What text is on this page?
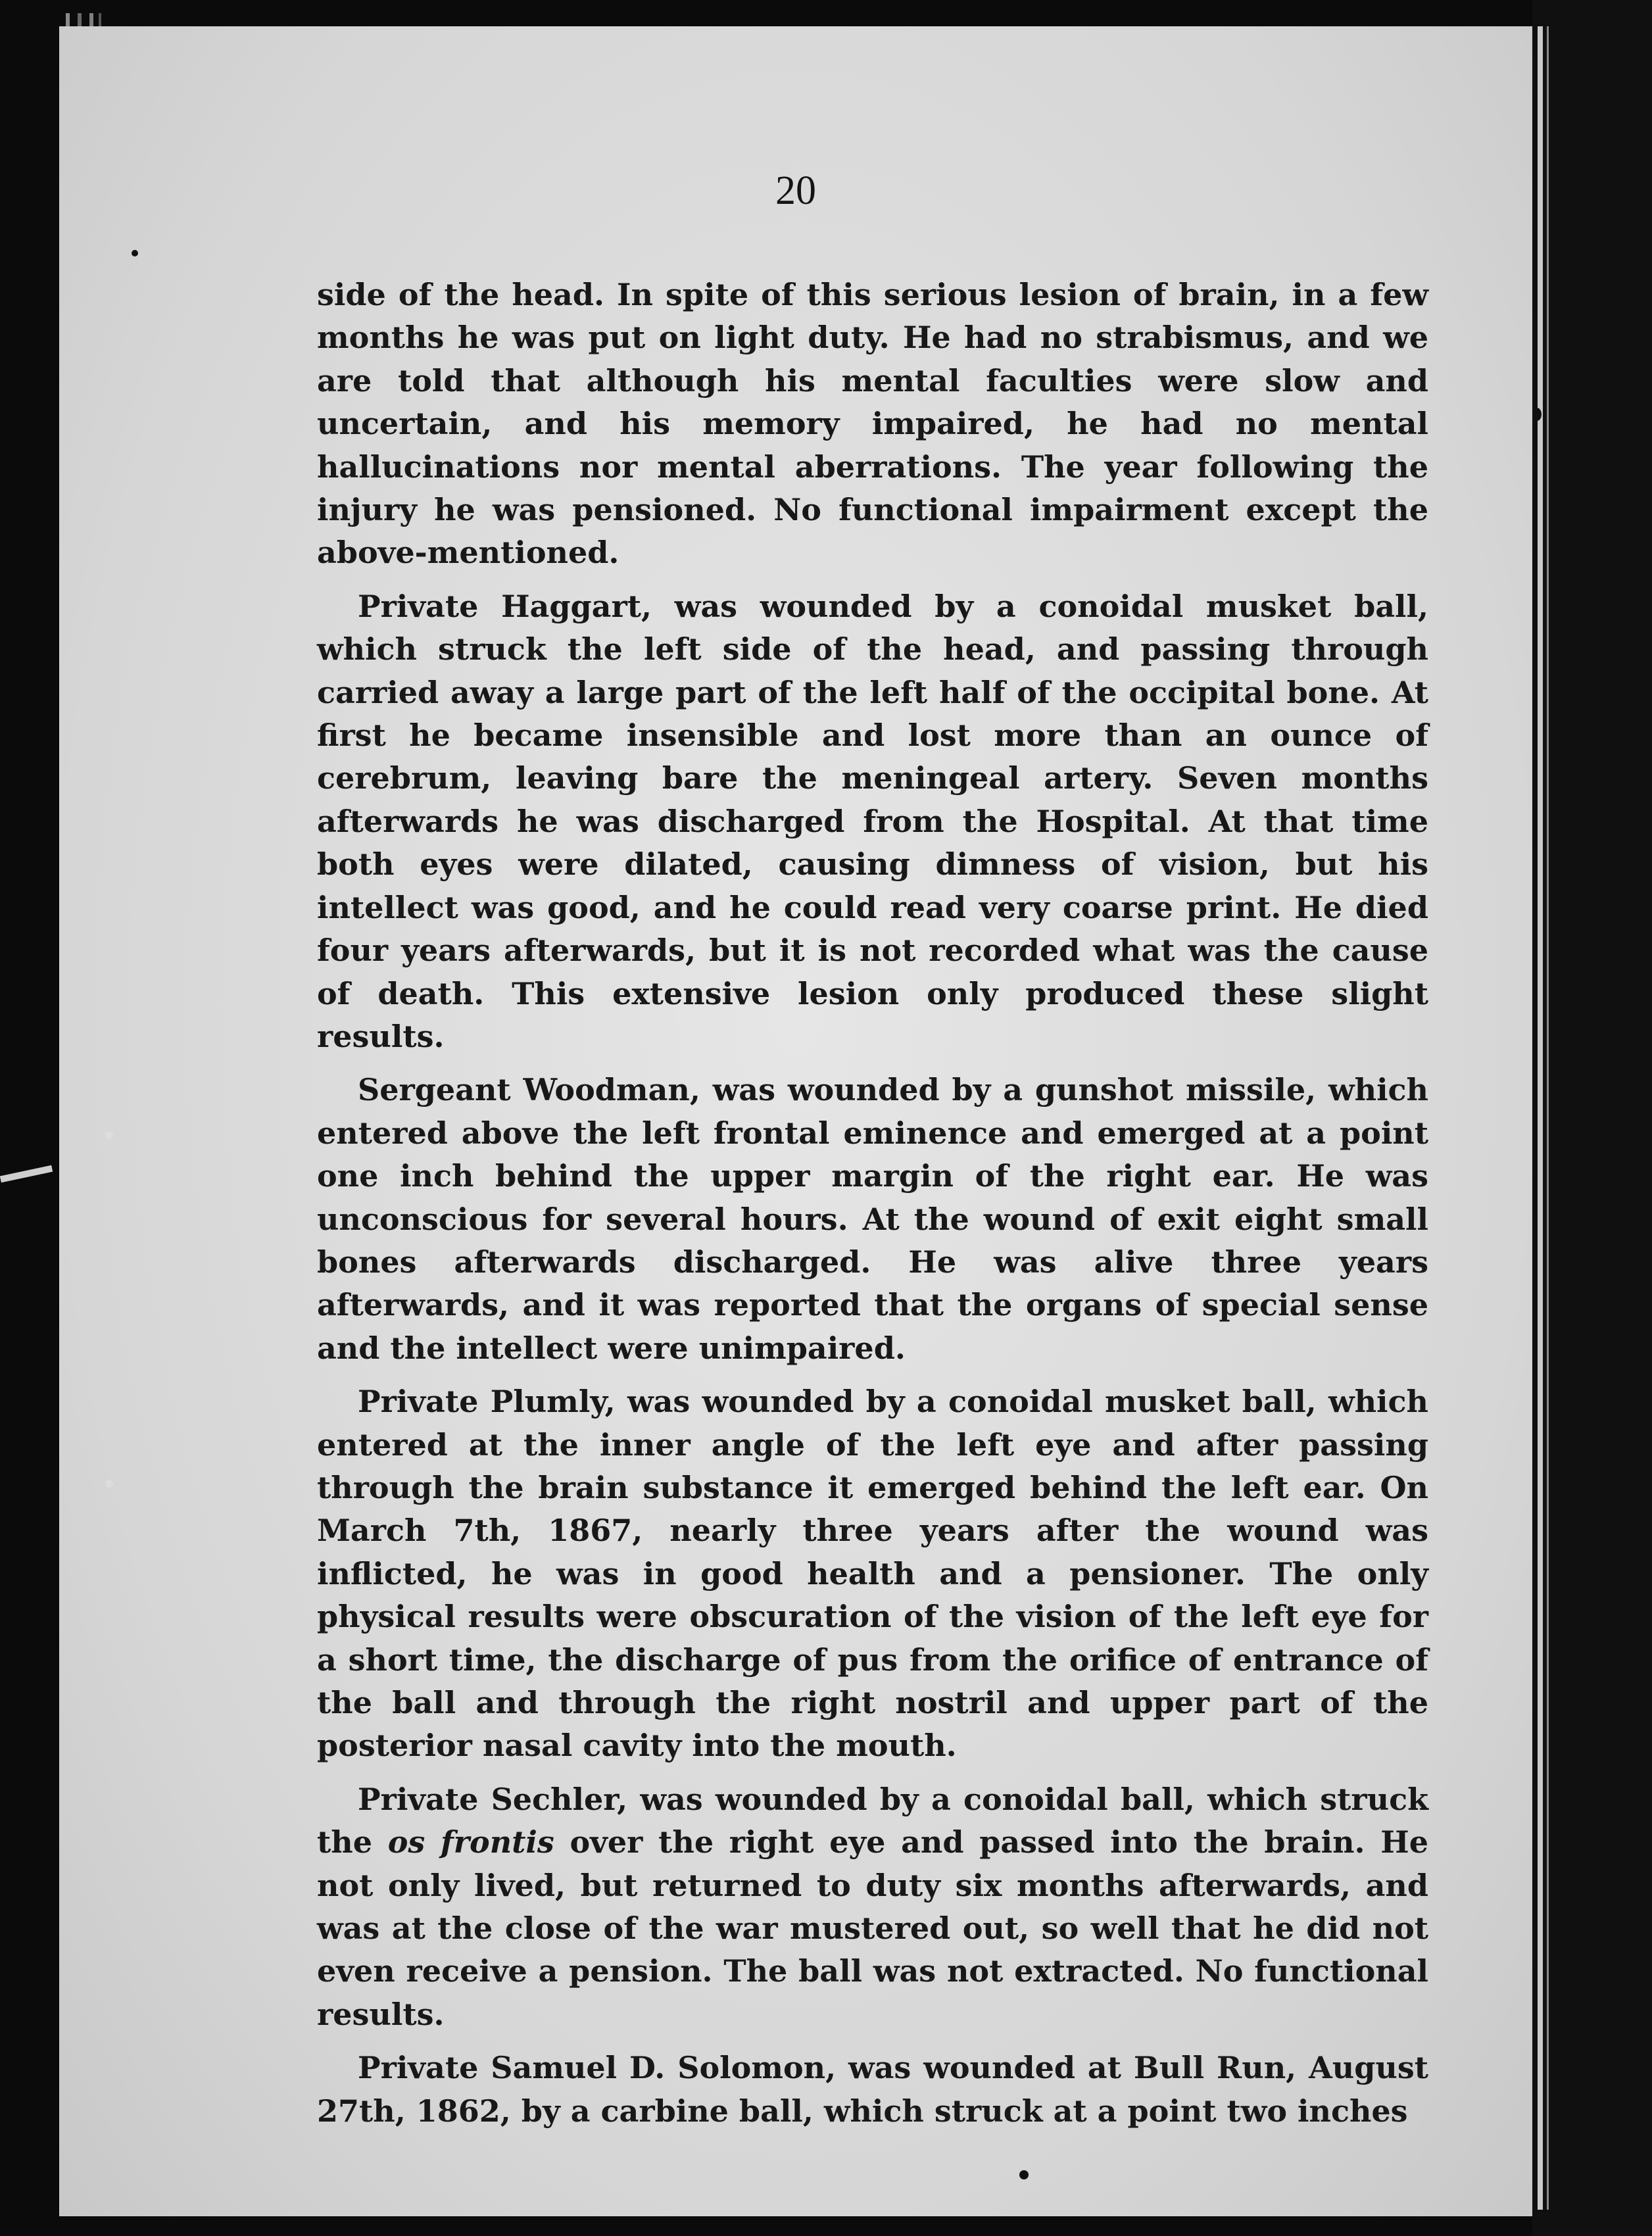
20

side of the head. In spite of this serious lesion of brain, in a few months he was put on light duty. He had no strabismus, and we are told that although his mental faculties were slow and uncertain, and his memory impaired, he had no mental hallucinations nor mental aberrations. The year following the injury he was pensioned. No functional impairment except the above-mentioned.

Private Haggart, was wounded by a conoidal musket ball, which struck the left side of the head, and passing through carried away a large part of the left half of the occipital bone. At first he became insensible and lost more than an ounce of cerebrum, leaving bare the meningeal artery. Seven months afterwards he was discharged from the Hospital. At that time both eyes were dilated, causing dimness of vision, but his intellect was good, and he could read very coarse print. He died four years afterwards, but it is not recorded what was the cause of death. This extensive lesion only produced these slight results.

Sergeant Woodman, was wounded by a gunshot missile, which entered above the left frontal eminence and emerged at a point one inch behind the upper margin of the right ear. He was unconscious for several hours. At the wound of exit eight small bones afterwards discharged. He was alive three years afterwards, and it was reported that the organs of special sense and the intellect were unimpaired.

Private Plumly, was wounded by a conoidal musket ball, which entered at the inner angle of the left eye and after passing through the brain substance it emerged behind the left ear. On March 7th, 1867, nearly three years after the wound was inflicted, he was in good health and a pensioner. The only physical results were obscuration of the vision of the left eye for a short time, the discharge of pus from the orifice of entrance of the ball and through the right nostril and upper part of the posterior nasal cavity into the mouth.

Private Sechler, was wounded by a conoidal ball, which struck the os frontis over the right eye and passed into the brain. He not only lived, but returned to duty six months afterwards, and was at the close of the war mustered out, so well that he did not even receive a pension. The ball was not extracted. No functional results.

Private Samuel D. Solomon, was wounded at Bull Run, August 27th, 1862, by a carbine ball, which struck at a point two inches
